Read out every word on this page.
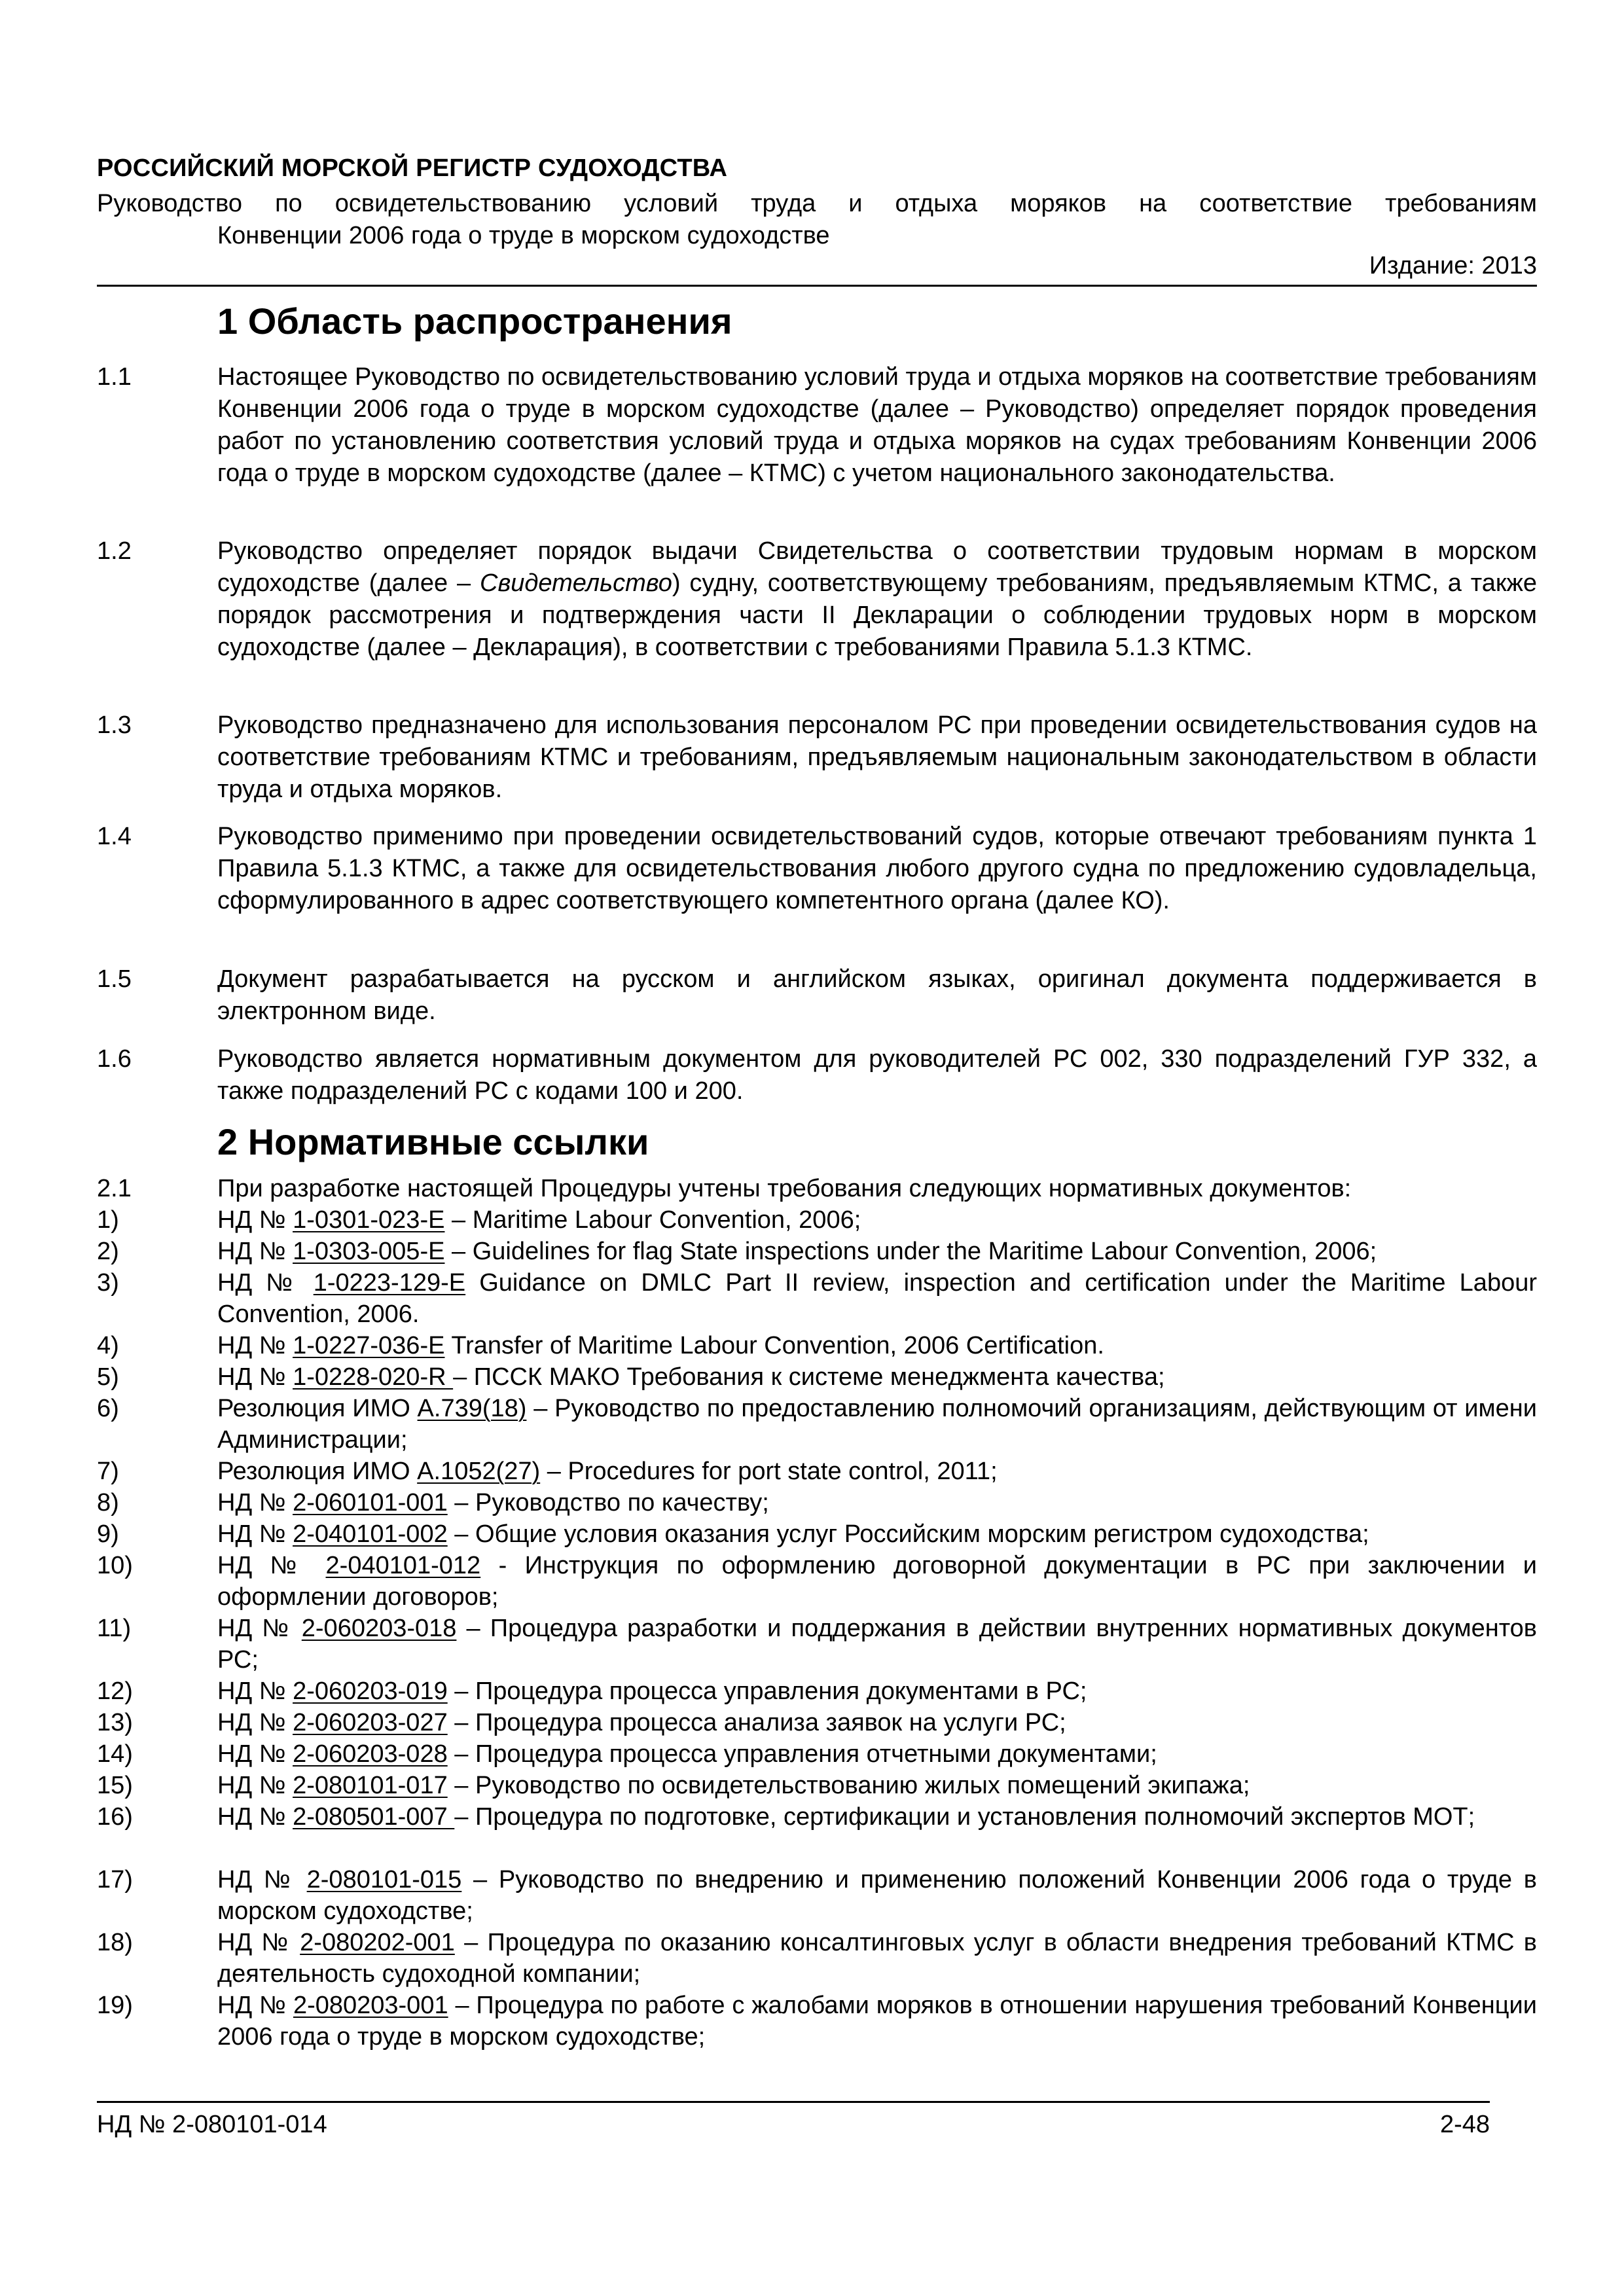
РОССИЙСКИЙ МОРСКОЙ РЕГИСТР СУДОХОДСТВА
Руководство по освидетельствованию условий труда и отдыха моряков на соответствие требованиям
Конвенции 2006 года о труде в морском судоходстве
Издание: 2013
1 Область распространения
1.1	Настоящее Руководство по освидетельствованию условий труда и отдыха моряков на соответствие требованиям Конвенции 2006 года о труде в морском судоходстве (далее – Руководство) определяет порядок проведения работ по установлению соответствия условий труда и отдыха моряков на судах требованиям Конвенции 2006 года о труде в морском судоходстве (далее – КТМС) с учетом национального законодательства.
1.2	Руководство определяет порядок выдачи Свидетельства о соответствии трудовым нормам в морском судоходстве (далее – Свидетельство) судну, соответствующему требованиям, предъявляемым КТМС, а также порядок рассмотрения и подтверждения части II Декларации о соблюдении трудовых норм в морском судоходстве (далее – Декларация), в соответствии с требованиями Правила 5.1.3 КТМС.
1.3	Руководство предназначено для использования персоналом РС при проведении освидетельствования судов на соответствие требованиям КТМС и требованиям, предъявляемым национальным законодательством в области труда и отдыха моряков.
1.4	Руководство применимо при проведении освидетельствований судов, которые отвечают требованиям пункта 1 Правила 5.1.3 КТМС, а также для освидетельствования любого другого судна по предложению судовладельца, сформулированного в адрес соответствующего компетентного органа (далее КО).
1.5	Документ разрабатывается на русском и английском языках, оригинал документа поддерживается в электронном виде.
1.6	Руководство является нормативным документом для руководителей РС 002, 330 подразделений ГУР 332, а также подразделений РС с кодами 100 и 200.
2 Нормативные ссылки
2.1	При разработке настоящей Процедуры учтены требования следующих нормативных документов:
1)	НД № 1-0301-023-E – Maritime Labour Convention, 2006;
2)	НД № 1-0303-005-E – Guidelines for flag State inspections under the Maritime Labour Convention, 2006;
3)	НД № 1-0223-129-E Guidance on DMLC Part II review, inspection and certification under the Maritime Labour Convention, 2006.
4)	НД № 1-0227-036-E Transfer of Maritime Labour Convention, 2006 Certification.
5)	НД № 1-0228-020-R – ПССК МАКО Требования к системе менеджмента качества;
6)	Резолюция ИМО A.739(18) – Руководство по предоставлению полномочий организациям, действующим от имени Администрации;
7)	Резолюция ИМО A.1052(27) – Procedures for port state control, 2011;
8)	НД № 2-060101-001 – Руководство по качеству;
9)	НД № 2-040101-002 – Общие условия оказания услуг Российским морским регистром судоходства;
10)	НД № 2-040101-012 - Инструкция по оформлению договорной документации в РС при заключении и оформлении договоров;
11)	НД № 2-060203-018 – Процедура разработки и поддержания в действии внутренних нормативных документов РС;
12)	НД № 2-060203-019 – Процедура процесса управления документами в РС;
13)	НД № 2-060203-027 – Процедура процесса анализа заявок на услуги РС;
14)	НД № 2-060203-028 – Процедура процесса управления отчетными документами;
15)	НД № 2-080101-017 – Руководство по освидетельствованию жилых помещений экипажа;
16)	НД № 2-080501-007 – Процедура по подготовке, сертификации и установления полномочий экспертов МОТ;
17)	НД № 2-080101-015 – Руководство по внедрению и применению положений Конвенции 2006 года о труде в морском судоходстве;
18)	НД № 2-080202-001 – Процедура по оказанию консалтинговых услуг в области внедрения требований КТМС в деятельность судоходной компании;
19)	НД № 2-080203-001 – Процедура по работе с жалобами моряков в отношении нарушения требований Конвенции 2006 года о труде в морском судоходстве;
НД № 2-080101-014	2-48
